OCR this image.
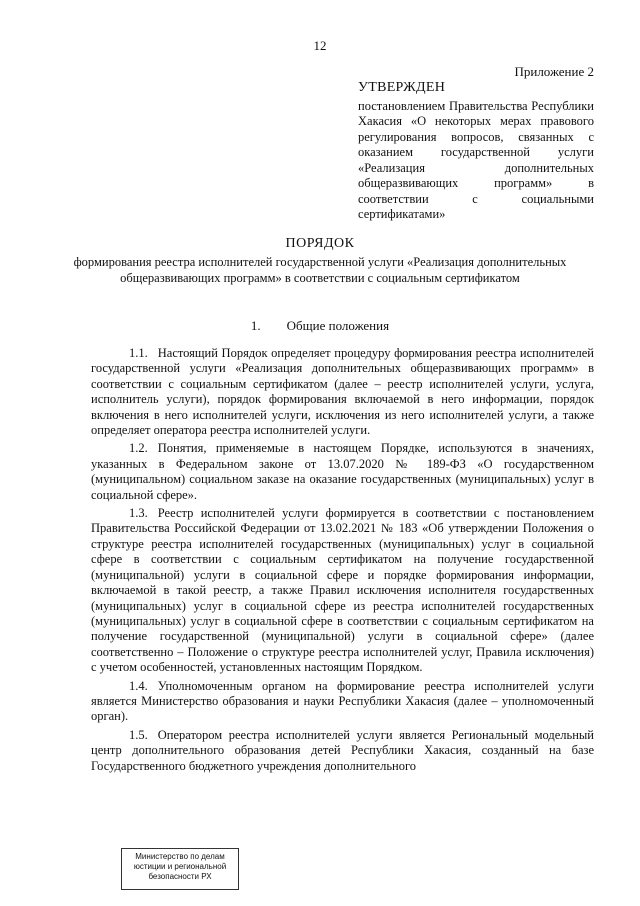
12
Приложение 2
УТВЕРЖДЕН
постановлением Правительства Республики Хакасия «О некоторых мерах правового регулирования вопросов, связанных с оказанием государственной услуги «Реализация дополнительных общеразвивающих программ» в соответствии с социальными сертификатами»
ПОРЯДОК
формирования реестра исполнителей государственной услуги «Реализация дополнительных общеразвивающих программ» в соответствии с социальным сертификатом
1. Общие положения

1.1. Настоящий Порядок определяет процедуру формирования реестра исполнителей государственной услуги «Реализация дополнительных общеразвивающих программ» в соответствии с социальным сертификатом (далее – реестр исполнителей услуги, услуга, исполнитель услуги), порядок формирования включаемой в него информации, порядок включения в него исполнителей услуги, исключения из него исполнителей услуги, а также определяет оператора реестра исполнителей услуги.

1.2. Понятия, применяемые в настоящем Порядке, используются в значениях, указанных в Федеральном законе от 13.07.2020 № 189-ФЗ «О государственном (муниципальном) социальном заказе на оказание государственных (муниципальных) услуг в социальной сфере».

1.3. Реестр исполнителей услуги формируется в соответствии с постановлением Правительства Российской Федерации от 13.02.2021 № 183 «Об утверждении Положения о структуре реестра исполнителей государственных (муниципальных) услуг в социальной сфере в соответствии с социальным сертификатом на получение государственной (муниципальной) услуги в социальной сфере и порядке формирования информации, включаемой в такой реестр, а также Правил исключения исполнителя государственных (муниципальных) услуг в социальной сфере из реестра исполнителей государственных (муниципальных) услуг в социальной сфере в соответствии с социальным сертификатом на получение государственной (муниципальной) услуги в социальной сфере» (далее соответственно – Положение о структуре реестра исполнителей услуг, Правила исключения) с учетом особенностей, установленных настоящим Порядком.

1.4. Уполномоченным органом на формирование реестра исполнителей услуги является Министерство образования и науки Республики Хакасия (далее – уполномоченный орган).

1.5. Оператором реестра исполнителей услуги является Региональный модельный центр дополнительного образования детей Республики Хакасия, созданный на базе Государственного бюджетного учреждения дополнительного

Министерство по делам
юстиции и региональной
безопасности РХ
